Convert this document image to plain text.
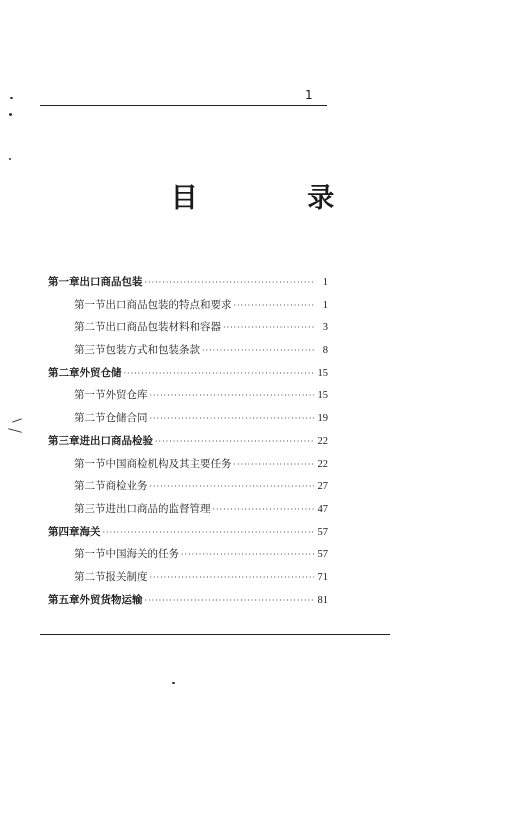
1
目 录
第一章 出口商品包装 ·····	1
第一节 出口商品包装的特点和要求 ·····	1
第二节 出口商品包装材料和容器 ·····	3
第三节 包装方式和包装条款 ·····	8
第二章 外贸仓储 ·····	15
第一节 外贸仓库 ·····	15
第二节 仓储合同 ·····	19
第三章 进出口商品检验 ·····	22
第一节 中国商检机构及其主要任务 ·····	22
第二节 商检业务 ·····	27
第三节 进出口商品的监督管理 ·····	47
第四章 海关 ·····	57
第一节 中国海关的任务 ·····	57
第二节 报关制度 ·····	71
第五章 外贸货物运输 ·····	81
